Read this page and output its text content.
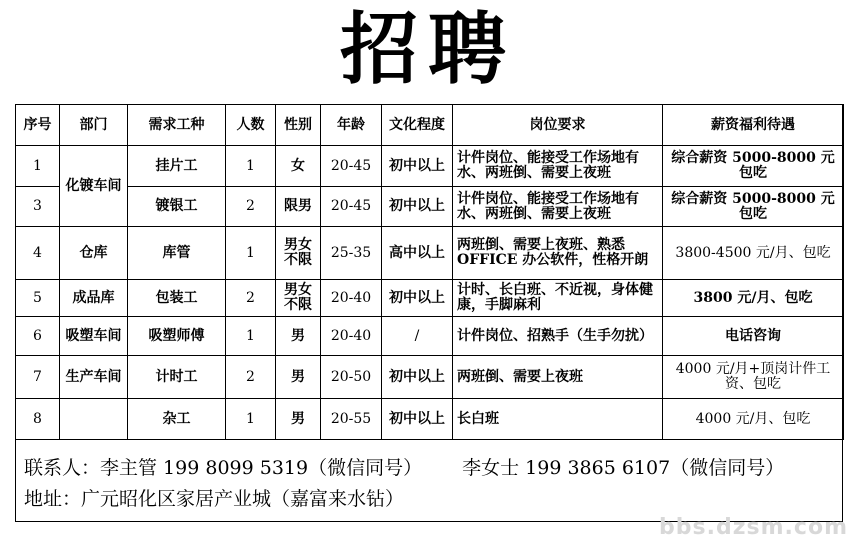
招聘
序号	部门	需求工种	人数	性别	年龄	文化程度	岗位要求	薪资福利待遇
1	化镀车间	挂片工	1	女	20-45	初中以上	计件岗位、能接受工作场地有水、两班倒、需要上夜班	综合薪资 5000-8000 元包吃
3		镀银工	2	限男	20-45	初中以上	计件岗位、能接受工作场地有水、两班倒、需要上夜班	综合薪资 5000-8000 元包吃
4	仓库	库管	1	男女不限	25-35	高中以上	两班倒、需要上夜班、熟悉OFFICE 办公软件，性格开朗	3800-4500 元/月、包吃
5	成品库	包装工	2	男女不限	20-40	初中以上	计时、长白班、不近视，身体健康，手脚麻利	3800 元/月、包吃
6	吸塑车间	吸塑师傅	1	男	20-40	/	计件岗位、招熟手（生手勿扰）	电话咨询
7	生产车间	计时工	2	男	20-50	初中以上	两班倒、需要上夜班	4000 元/月+顶岗计件工资、包吃
8		杂工	1	男	20-55	初中以上	长白班	4000 元/月、包吃
联系人：李主管 199 8099 5319（微信同号） 李女士 199 3865 6107（微信同号）
地址：广元昭化区家居产业城（嘉富来水钻）
bbs.dzsm.com
